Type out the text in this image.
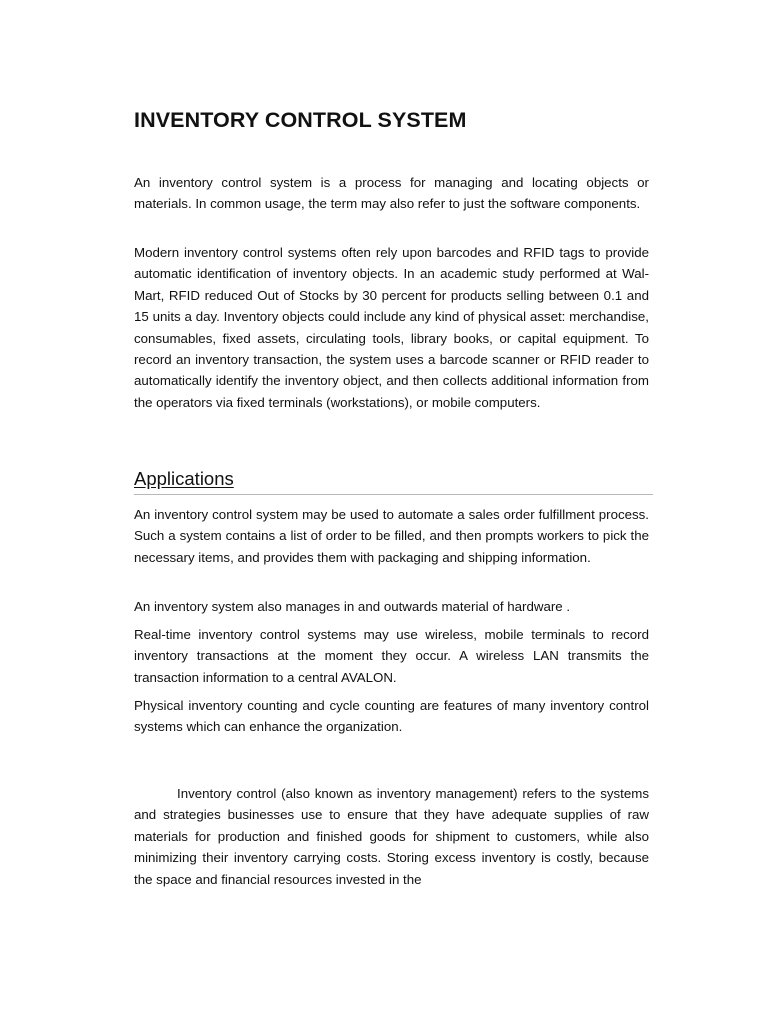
INVENTORY CONTROL SYSTEM

An inventory control system is a process for managing and locating objects or materials. In common usage, the term may also refer to just the software components.

Modern inventory control systems often rely upon barcodes and RFID tags to provide automatic identification of inventory objects. In an academic study performed at Wal-Mart, RFID reduced Out of Stocks by 30 percent for products selling between 0.1 and 15 units a day. Inventory objects could include any kind of physical asset: merchandise, consumables, fixed assets, circulating tools, library books, or capital equipment. To record an inventory transaction, the system uses a barcode scanner or RFID reader to automatically identify the inventory object, and then collects additional information from the operators via fixed terminals (workstations), or mobile computers.

Applications

An inventory control system may be used to automate a sales order fulfillment process. Such a system contains a list of order to be filled, and then prompts workers to pick the necessary items, and provides them with packaging and shipping information.

An inventory system also manages in and outwards material of hardware .

Real-time inventory control systems may use wireless, mobile terminals to record inventory transactions at the moment they occur. A wireless LAN transmits the transaction information to a central AVALON.

Physical inventory counting and cycle counting are features of many inventory control systems which can enhance the organization.

Inventory control (also known as inventory management) refers to the systems and strategies businesses use to ensure that they have adequate supplies of raw materials for production and finished goods for shipment to customers, while also minimizing their inventory carrying costs. Storing excess inventory is costly, because the space and financial resources invested in the
